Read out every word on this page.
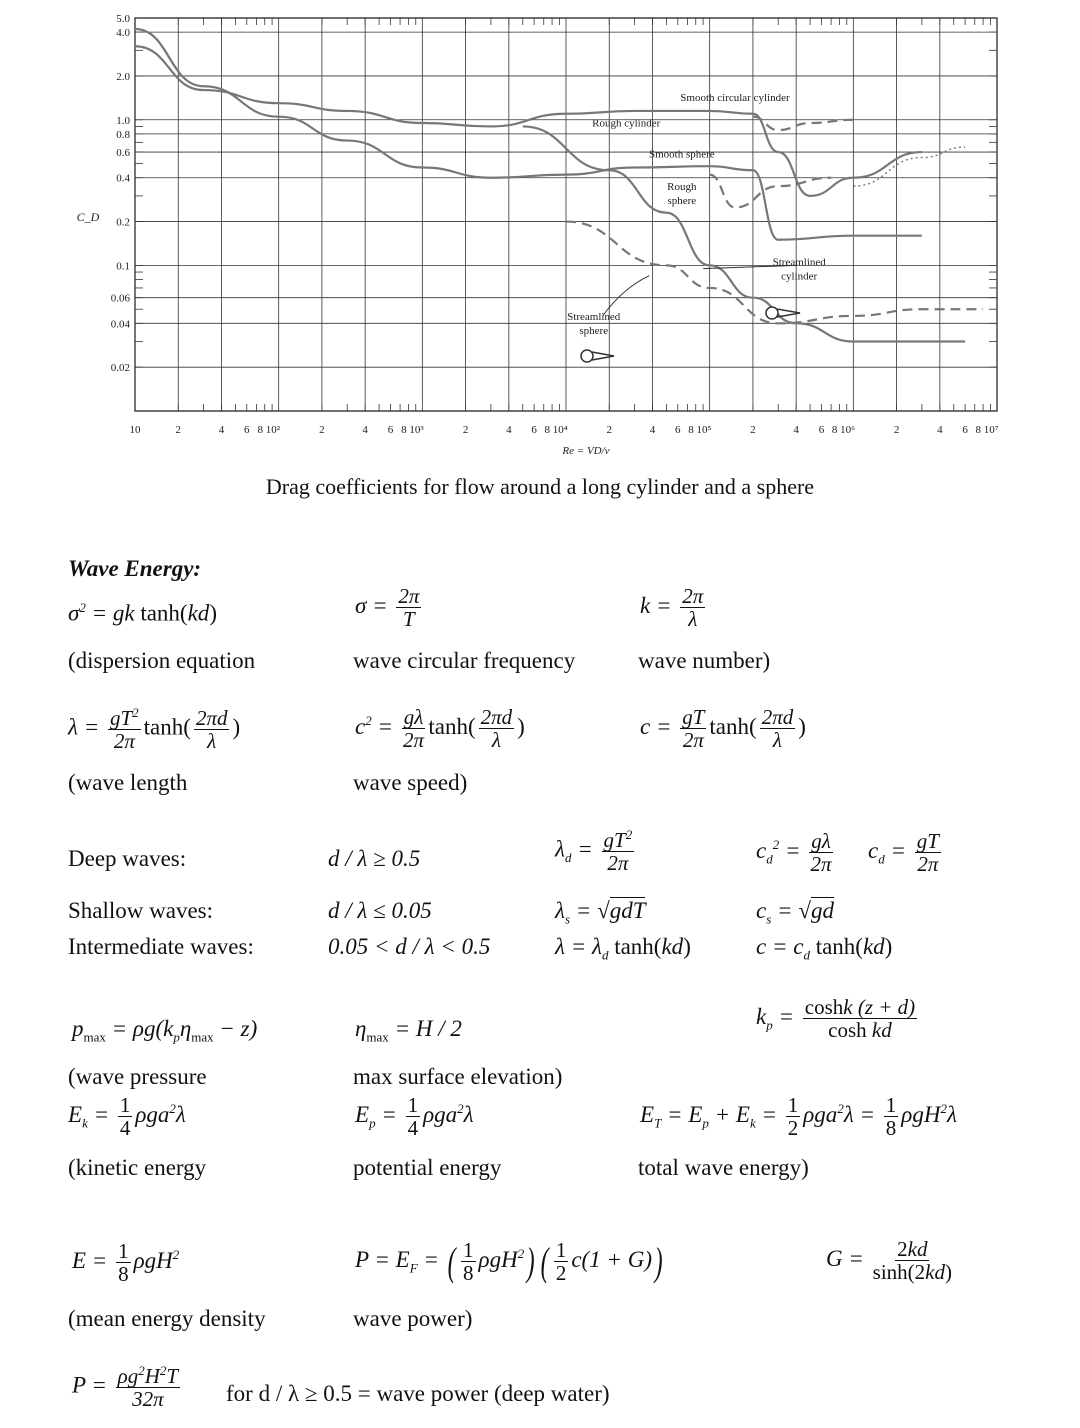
5.0
4.0
2.0
1.0
0.8
0.6
0.4
0.2
0.1
0.06
0.04
0.02
10	2	4 6 8 10²	2	4 6 8 10³	2	4 6 8 10⁴	2	4 6 8 10⁵	2	4 6 8 10⁶	2	4 6 8 10⁷
Re = VD/ν
C_D
Smooth circular cylinder
Rough cylinder
Smooth sphere
Rough
sphere
Streamlined
cylinder
Streamlined
sphere
Drag coefficients for flow around a long cylinder and a sphere
Wave Energy:
$\sigma^2$ = gk tanh(kd)	$\sigma = \frac{2\pi}{T}$	$k = \frac{2\pi}{\lambda}$
(dispersion equation	wave circular frequency	wave number)
$\lambda = \frac{gT^2}{2\pi} \tanh( \frac{2\pi d}{\lambda}$ )	$c^2 = \frac{g\lambda}{2\pi} \tanh( \frac{2\pi d}{\lambda}$ )	$c = \frac{gT}{2\pi} \tanh( \frac{2\pi d}{\lambda}$ )
(wave length	wave speed)
Deep waves:	d / λ ≥ 0.5	$\lambda_d = \frac{gT^2}{2\pi}$	$c_d^2 = \frac{g\lambda}{2\pi} c_d = \frac{gT}{2\pi}$
Shallow waves:	d / λ ≤ 0.05	$\lambda_s = √gdT$	$c_s = √gd$
Intermediate waves:	0.05 < d / λ < 0.5	$\lambda = \lambda_d$ tanh(kd)	$c = c_d$ tanh(kd)
$p_{max} = \rho g(k_p\eta_{max} - z)$	$\eta_{max} = H / 2$	$k_p = \frac{\cosh k (z + d)}{\text{cosh kd}}$
(wave pressure	max surface elevation)
$E_k = \frac{1}{4} \rho ga^2\lambda$	$E_p = \frac{1}{4} \rho ga^2\lambda$	$E_T = E_p + E_k = \frac{1}{2} \rho ga^2\lambda = \frac{1}{8} \rho gH^2\lambda$
(kinetic energy	potential energy	total wave energy)
$E = \frac{1}{8} \rho gH^2$	$P = E_F$ = ( $\frac{1}{8} \rho gH^2$) ( $\frac{1}{2} c(1 + G)$)	$G = \frac{2kd}{\sinh(2kd)}$
(mean energy density	wave power)
$P = \frac{\rho g^2H^2T}{32\pi}$ for d / λ ≥ 0.5 = wave power (deep water)
